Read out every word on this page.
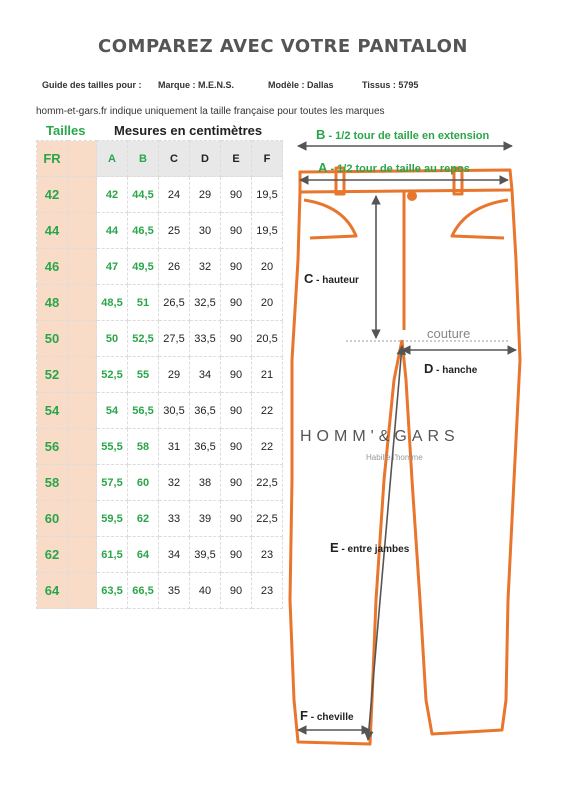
COMPAREZ AVEC VOTRE PANTALON
Guide des tailles pour : Marque : M.E.N.S.	Modèle : Dallas	Tissus : 5795
homm-et-gars.fr indique uniquement la taille française pour toutes les marques
Tailles Mesures en centimètres
FR		A	B	C	D	E	F
42		42	44,5	24	29	90	19,5
44		44	46,5	25	30	90	19,5
46		47	49,5	26	32	90	20
48		48,5	51	26,5	32,5	90	20
50		50	52,5	27,5	33,5	90	20,5
52		52,5	55	29	34	90	21
54		54	56,5	30,5	36,5	90	22
56		55,5	58	31	36,5	90	22
58		57,5	60	32	38	90	22,5
60		59,5	62	33	39	90	22,5
62		61,5	64	34	39,5	90	23
64		63,5	66,5	35	40	90	23
B - 1/2 tour de taille en extension
A - 1/2 tour de taille au repos
C - hauteur
couture
D - hanche
E - entre jambes
F - cheville
HOMM'&GARS
Habille l'homme
